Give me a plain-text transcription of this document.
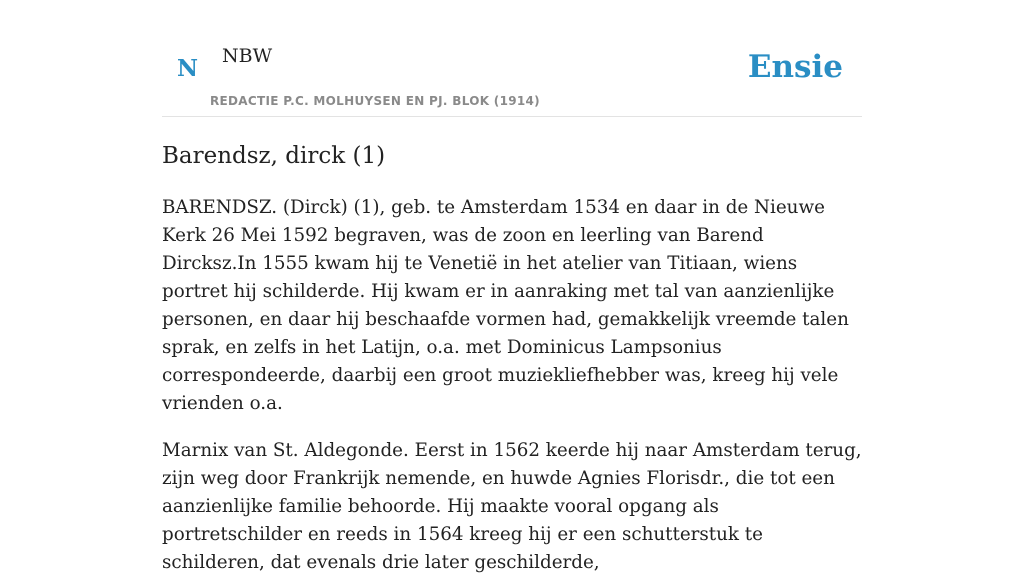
N NBW
REDACTIE P.C. MOLHUYSEN EN PJ. BLOK (1914)
Ensie
Barendsz, dirck (1)

BARENDSZ. (Dirck) (1), geb. te Amsterdam 1534 en daar in de Nieuwe Kerk 26 Mei 1592 begraven, was de zoon en leerling van Barend Dircksz.In 1555 kwam hij te Venetië in het atelier van Titiaan, wiens portret hij schilderde. Hij kwam er in aanraking met tal van aanzienlijke personen, en daar hij beschaafde vormen had, gemakkelijk vreemde talen sprak, en zelfs in het Latijn, o.a. met Dominicus Lampsonius correspondeerde, daarbij een groot muziekliefhebber was, kreeg hij vele vrienden o.a.

Marnix van St. Aldegonde. Eerst in 1562 keerde hij naar Amsterdam terug, zijn weg door Frankrijk nemende, en huwde Agnies Florisdr., die tot een aanzienlijke familie behoorde. Hij maakte vooral opgang als portretschilder en reeds in 1564 kreeg hij er een schutterstuk te schilderen, dat evenals drie later geschilderde,
